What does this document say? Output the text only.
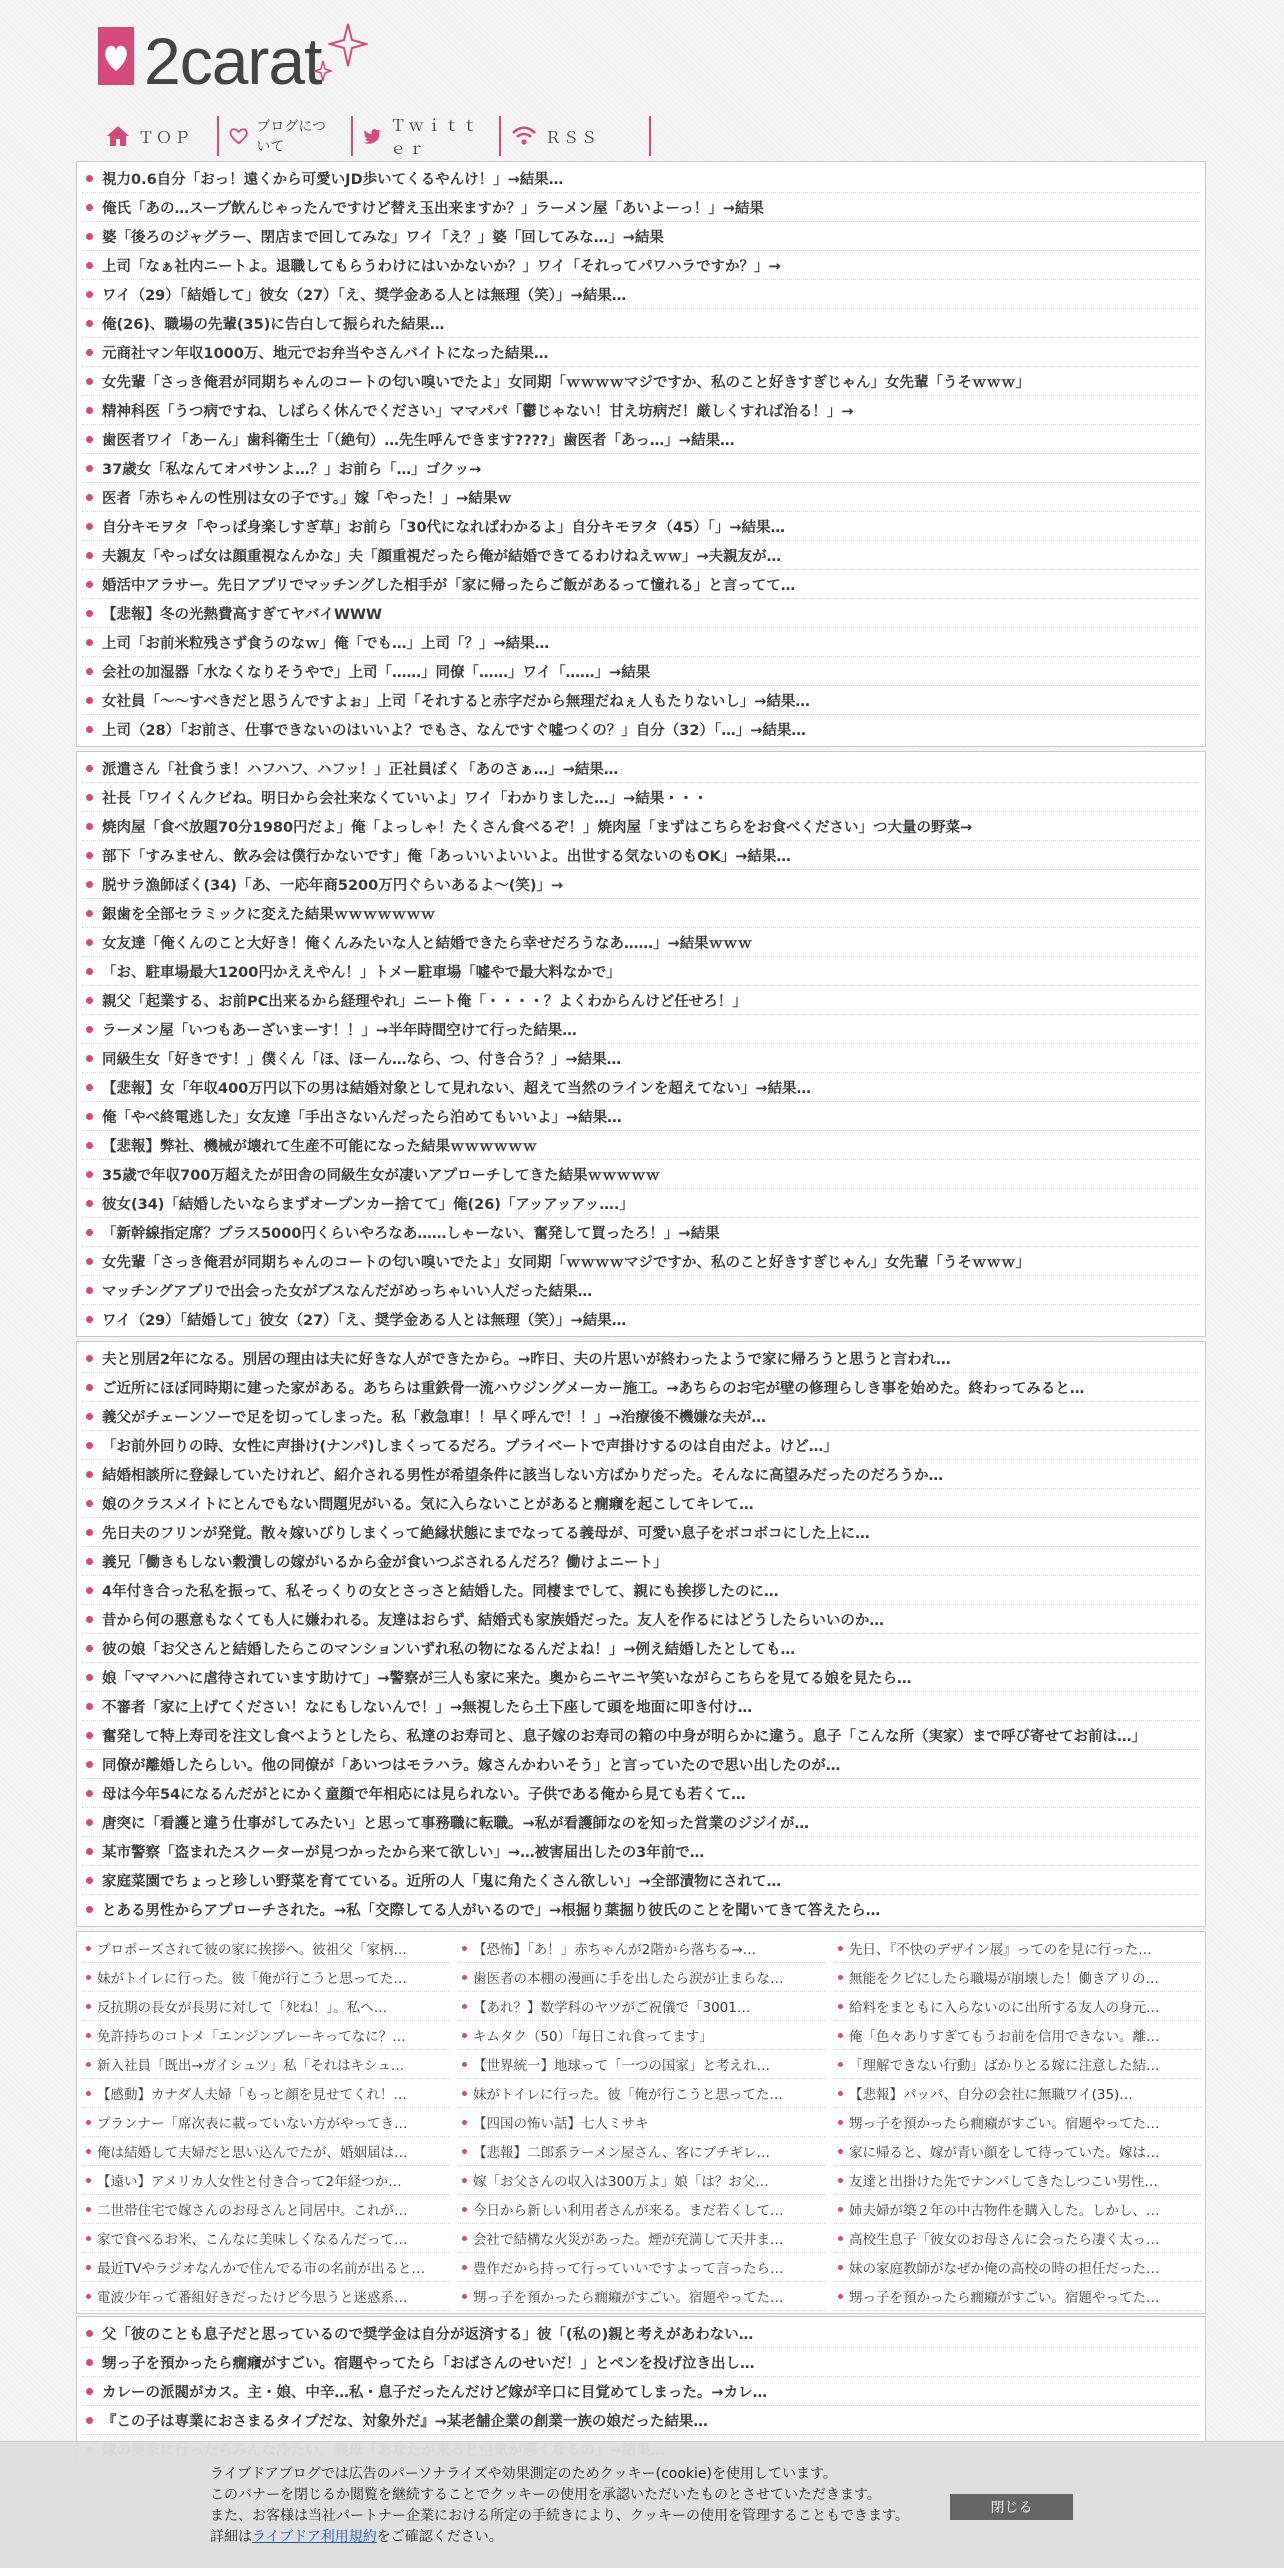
2carat
ＴＯＰ
ブログについて
Ｔｗｉｔｔｅｒ
ＲＳＳ
視力0.6自分「おっ！遠くから可愛いJD歩いてくるやんけ！」→結果…
俺氏「あの…スープ飲んじゃったんですけど替え玉出来ますか？」ラーメン屋「あいよーっ！」→結果
婆「後ろのジャグラー、閉店まで回してみな」ワイ「え？」婆「回してみな…」→結果
上司「なぁ社内ニートよ。退職してもらうわけにはいかないか？」ワイ「それってパワハラですか？」→
ワイ（29）「結婚して」彼女（27）「え、奨学金ある人とは無理（笑）」→結果…
俺(26)、職場の先輩(35)に告白して振られた結果…
元商社マン年収1000万、地元でお弁当やさんバイトになった結果…
女先輩「さっき俺君が同期ちゃんのコートの匂い嗅いでたよ」女同期「ｗｗｗｗマジですか、私のこと好きすぎじゃん」女先輩「うそｗｗｗ」
精神科医「うつ病ですね、しばらく休んでください」ママパパ「鬱じゃない！甘え坊病だ！厳しくすれば治る！」→
歯医者ワイ「あーん」歯科衛生士「（絶句）…先生呼んできます????」歯医者「あっ…」→結果…
37歳女「私なんてオバサンよ…？」お前ら「…」ゴクッ→
医者「赤ちゃんの性別は女の子です。」嫁「やった！」→結果ｗ
自分キモヲタ「やっぱ身楽しすぎ草」お前ら「30代になればわかるよ」自分キモヲタ（45）「」→結果…
夫親友「やっぱ女は顔重視なんかな」夫「顔重視だったら俺が結婚できてるわけねえｗｗ」→夫親友が…
婚活中アラサー。先日アプリでマッチングした相手が「家に帰ったらご飯があるって憧れる」と言ってて…
【悲報】冬の光熱費高すぎてヤバイWWW
上司「お前米粒残さず食うのなｗ」俺「でも…」上司「？」→結果…
会社の加湿器「水なくなりそうやで」上司「……」同僚「……」ワイ「……」→結果
女社員「～～すべきだと思うんですよぉ」上司「それすると赤字だから無理だねぇ人もたりないし」→結果…
上司（28）「お前さ、仕事できないのはいいよ？でもさ、なんですぐ嘘つくの？」自分（32）「…」→結果…
派遣さん「社食うま！ハフハフ、ハフッ！」正社員ぼく「あのさぁ…」→結果…
社長「ワイくんクビね。明日から会社来なくていいよ」ワイ「わかりました…」→結果・・・
焼肉屋「食べ放題70分1980円だよ」俺「よっしゃ！たくさん食べるぞ！」焼肉屋「まずはこちらをお食べください」つ大量の野菜→
部下「すみません、飲み会は僕行かないです」俺「あっいいよいいよ。出世する気ないのもOK」→結果…
脱サラ漁師ぼく(34)「あ、一応年商5200万円ぐらいあるよ～(笑)」→
銀歯を全部セラミックに変えた結果ｗｗｗｗｗｗｗ
女友達「俺くんのこと大好き！俺くんみたいな人と結婚できたら幸せだろうなあ……」→結果ｗｗｗ
「お、駐車場最大1200円かええやん！」トメー駐車場「嘘やで最大料なかで」
親父「起業する、お前PC出来るから経理やれ」ニート俺「・・・・？よくわからんけど任せろ！」
ラーメン屋「いつもあーざいまーす！！」→半年時間空けて行った結果…
同級生女「好きです！」僕くん「ほ、ほーん…なら、つ、付き合う？」→結果…
【悲報】女「年収400万円以下の男は結婚対象として見れない、超えて当然のラインを超えてない」→結果…
俺「やべ終電逃した」女友達「手出さないんだったら泊めてもいいよ」→結果…
【悲報】弊社、機械が壊れて生産不可能になった結果ｗｗｗｗｗｗ
35歳で年収700万超えたが田舎の同級生女が凄いアプローチしてきた結果ｗｗｗｗｗ
彼女(34)「結婚したいならまずオープンカー捨てて」俺(26)「アッアッアッ….」
「新幹線指定席？プラス5000円くらいやろなあ……しゃーない、奮発して買ったろ！」→結果
女先輩「さっき俺君が同期ちゃんのコートの匂い嗅いでたよ」女同期「ｗｗｗｗマジですか、私のこと好きすぎじゃん」女先輩「うそｗｗｗ」
マッチングアプリで出会った女がブスなんだがめっちゃいい人だった結果…
ワイ（29）「結婚して」彼女（27）「え、奨学金ある人とは無理（笑）」→結果…
夫と別居2年になる。別居の理由は夫に好きな人ができたから。→昨日、夫の片思いが終わったようで家に帰ろうと思うと言われ…
ご近所にほぼ同時期に建った家がある。あちらは重鉄骨一流ハウジングメーカー施工。→あちらのお宅が壁の修理らしき事を始めた。終わってみると…
義父がチェーンソーで足を切ってしまった。私「救急車！！早く呼んで！！」→治療後不機嫌な夫が…
「お前外回りの時、女性に声掛け(ナンパ)しまくってるだろ。プライベートで声掛けするのは自由だよ。けど…」
結婚相談所に登録していたけれど、紹介される男性が希望条件に該当しない方ばかりだった。そんなに高望みだったのだろうか…
娘のクラスメイトにとんでもない問題児がいる。気に入らないことがあると癇癪を起こしてキレて…
先日夫のフリンが発覚。散々嫁いびりしまくって絶縁状態にまでなってる義母が、可愛い息子をボコボコにした上に…
義兄「働きもしない穀潰しの嫁がいるから金が食いつぶされるんだろ？働けよニート」
4年付き合った私を振って、私そっくりの女とさっさと結婚した。同棲までして、親にも挨拶したのに…
昔から何の悪意もなくても人に嫌われる。友達はおらず、結婚式も家族婚だった。友人を作るにはどうしたらいいのか…
彼の娘「お父さんと結婚したらこのマンションいずれ私の物になるんだよね！」→例え結婚したとしても…
娘「ママハハに虐待されています助けて」→警察が三人も家に来た。奥からニヤニヤ笑いながらこちらを見てる娘を見たら…
不審者「家に上げてください！なにもしないんで！」→無視したら土下座して頭を地面に叩き付け…
奮発して特上寿司を注文し食べようとしたら、私達のお寿司と、息子嫁のお寿司の箱の中身が明らかに違う。息子「こんな所（実家）まで呼び寄せてお前は…」
同僚が離婚したらしい。他の同僚が「あいつはモラハラ。嫁さんかわいそう」と言っていたので思い出したのが…
母は今年54になるんだがとにかく童顔で年相応には見られない。子供である俺から見ても若くて…
唐突に「看護と違う仕事がしてみたい」と思って事務職に転職。→私が看護師なのを知った営業のジジイが…
某市警察「盗まれたスクーターが見つかったから来て欲しい」→…被害届出したの3年前で…
家庭菜園でちょっと珍しい野菜を育てている。近所の人「鬼に角たくさん欲しい」→全部漬物にされて…
とある男性からアプローチされた。→私「交際してる人がいるので」→根掘り葉掘り彼氏のことを聞いてきて答えたら…
プロポーズされて彼の家に挨拶へ。彼祖父「家柄…	【恐怖】「あ！」赤ちゃんが2階から落ちる→…	先日、『不快のデザイン展』ってのを見に行った…
妹がトイレに行った。彼「俺が行こうと思ってた…	歯医者の本棚の漫画に手を出したら涙が止まらな…	無能をクビにしたら職場が崩壊した！働きアリの…
反抗期の長女が長男に対して「ﾀﾋね！」。私へ…	【あれ？】数学科のヤツがご祝儀で「3001…	給料をまともに入らないのに出所する友人の身元…
免許持ちのコトメ「エンジンブレーキってなに？…	キムタク（50）「毎日これ食ってます」	俺「色々ありすぎてもうお前を信用できない。離…
新入社員「既出→ガイシュツ」私「それはキシュ…	【世界統一】地球って「一つの国家」と考えれ…	「理解できない行動」ばかりとる嫁に注意した結…
【感動】カナダ人夫婦「もっと顔を見せてくれ！…	妹がトイレに行った。彼「俺が行こうと思ってた…	【悲報】パッパ、自分の会社に無職ワイ(35)…
プランナー「席次表に載っていない方がやってき…	【四国の怖い話】七人ミサキ	甥っ子を預かったら癇癪がすごい。宿題やってた…
俺は結婚して夫婦だと思い込んでたが、婚姻届は…	【悲報】二郎系ラーメン屋さん、客にブチギレ…	家に帰ると、嫁が青い顔をして待っていた。嫁は…
【遠い】アメリカ人女性と付き合って2年経つか…	嫁「お父さんの収入は300万よ」娘「は？お父…	友達と出掛けた先でナンパしてきたしつこい男性…
二世帯住宅で嫁さんのお母さんと同居中。これが…	今日から新しい利用者さんが来る。まだ若くして…	姉夫婦が築２年の中古物件を購入した。しかし、…
家で食べるお米、こんなに美味しくなるんだって…	会社で結構な火災があった。煙が充満して天井ま…	高校生息子「彼女のお母さんに会ったら凄く太っ…
最近TVやラジオなんかで住んでる市の名前が出ると…	豊作だから持って行っていいですよって言ったら…	妹の家庭教師がなぜか俺の高校の時の担任だった…
電波少年って番組好きだったけど今思うと迷惑系…	甥っ子を預かったら癇癪がすごい。宿題やってた…	甥っ子を預かったら癇癪がすごい。宿題やってた…
父「彼のことも息子だと思っているので奨学金は自分が返済する」彼「(私の)親と考えがあわない…
甥っ子を預かったら癇癪がすごい。宿題やってたら「おばさんのせいだ！」とペンを投げ泣き出し…
カレーの派閥がカス。主・娘、中辛…私・息子だったんだけど嫁が辛口に目覚めてしまった。→カレ…
『この子は専業におさまるタイプだな、対象外だ』→某老舗企業の創業一族の娘だった結果…
ライブドアブログでは広告のパーソナライズや効果測定のためクッキー(cookie)を使用しています。
このバナーを閉じるか閲覧を継続することでクッキーの使用を承認いただいたものとさせていただきます。
また、お客様は当社パートナー企業における所定の手続きにより、クッキーの使用を管理することもできます。
詳細はライブドア利用規約をご確認ください。
閉じる
